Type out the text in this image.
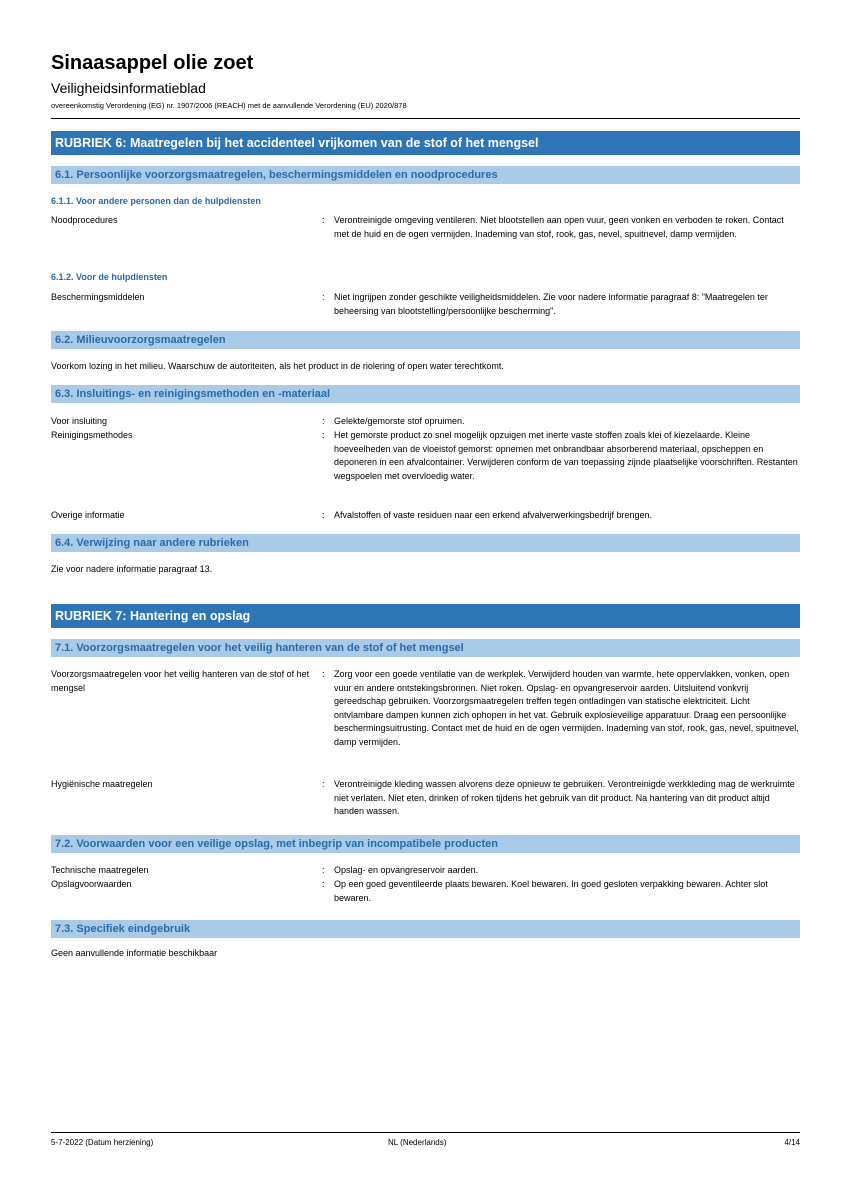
Sinaasappel olie zoet
Veiligheidsinformatieblad
overeenkomstig Verordening (EG) nr. 1907/2006 (REACH) met de aanvullende Verordening (EU) 2020/878
RUBRIEK 6: Maatregelen bij het accidenteel vrijkomen van de stof of het mengsel
6.1. Persoonlijke voorzorgsmaatregelen, beschermingsmiddelen en noodprocedures
6.1.1. Voor andere personen dan de hulpdiensten
Noodprocedures	: Verontreinigde omgeving ventileren. Niet blootstellen aan open vuur, geen vonken en verboden te roken. Contact met de huid en de ogen vermijden. Inademing van stof, rook, gas, nevel, spuitnevel, damp vermijden.
6.1.2. Voor de hulpdiensten
Beschermingsmiddelen	: Niet ingrijpen zonder geschikte veiligheidsmiddelen. Zie voor nadere informatie paragraaf 8: "Maatregelen ter beheersing van blootstelling/persoonlijke bescherming".
6.2. Milieuvoorzorgsmaatregelen
Voorkom lozing in het milieu. Waarschuw de autoriteiten, als het product in de riolering of open water terechtkomt.
6.3. Insluitings- en reinigingsmethoden en -materiaal
Voor insluiting	: Gelekte/gemorste stof opruimen.
Reinigingsmethodes	: Het gemorste product zo snel mogelijk opzuigen met inerte vaste stoffen zoals klei of kiezelaarde. Kleine hoeveelheden van de vloeistof gemorst: opnemen met onbrandbaar absorberend materiaal, opscheppen en deponeren in een afvalcontainer. Verwijderen conform de van toepassing zijnde plaatselijke voorschriften. Restanten wegspoelen met overvloedig water.
Overige informatie	: Afvalstoffen of vaste residuen naar een erkend afvalverwerkingsbedrijf brengen.
6.4. Verwijzing naar andere rubrieken
Zie voor nadere informatie paragraaf 13.
RUBRIEK 7: Hantering en opslag
7.1. Voorzorgsmaatregelen voor het veilig hanteren van de stof of het mengsel
Voorzorgsmaatregelen voor het veilig hanteren van de stof of het mengsel
: Zorg voor een goede ventilatie van de werkplek. Verwijderd houden van warmte, hete oppervlakken, vonken, open vuur en andere ontstekingsbronnen. Niet roken. Opslag- en opvangreservoir aarden. Uitsluitend vonkvrij gereedschap gebruiken. Voorzorgsmaatregelen treffen tegen ontladingen van statische elektriciteit. Licht ontvlambare dampen kunnen zich ophopen in het vat. Gebruik explosieveilige apparatuur. Draag een persoonlijke beschermingsuitrusting. Contact met de huid en de ogen vermijden. Inademing van stof, rook, gas, nevel, spuitnevel, damp vermijden.
Hygiënische maatregelen	: Verontreinigde kleding wassen alvorens deze opnieuw te gebruiken. Verontreinigde werkkleding mag de werkruimte niet verlaten. Niet eten, drinken of roken tijdens het gebruik van dit product. Na hantering van dit product altijd handen wassen.
7.2. Voorwaarden voor een veilige opslag, met inbegrip van incompatibele producten
Technische maatregelen	: Opslag- en opvangreservoir aarden.
Opslagvoorwaarden	: Op een goed geventileerde plaats bewaren. Koel bewaren. In goed gesloten verpakking bewaren. Achter slot bewaren.
7.3. Specifiek eindgebruik
Geen aanvullende informatie beschikbaar
5-7-2022 (Datum herziening)	NL (Nederlands)	4/14
